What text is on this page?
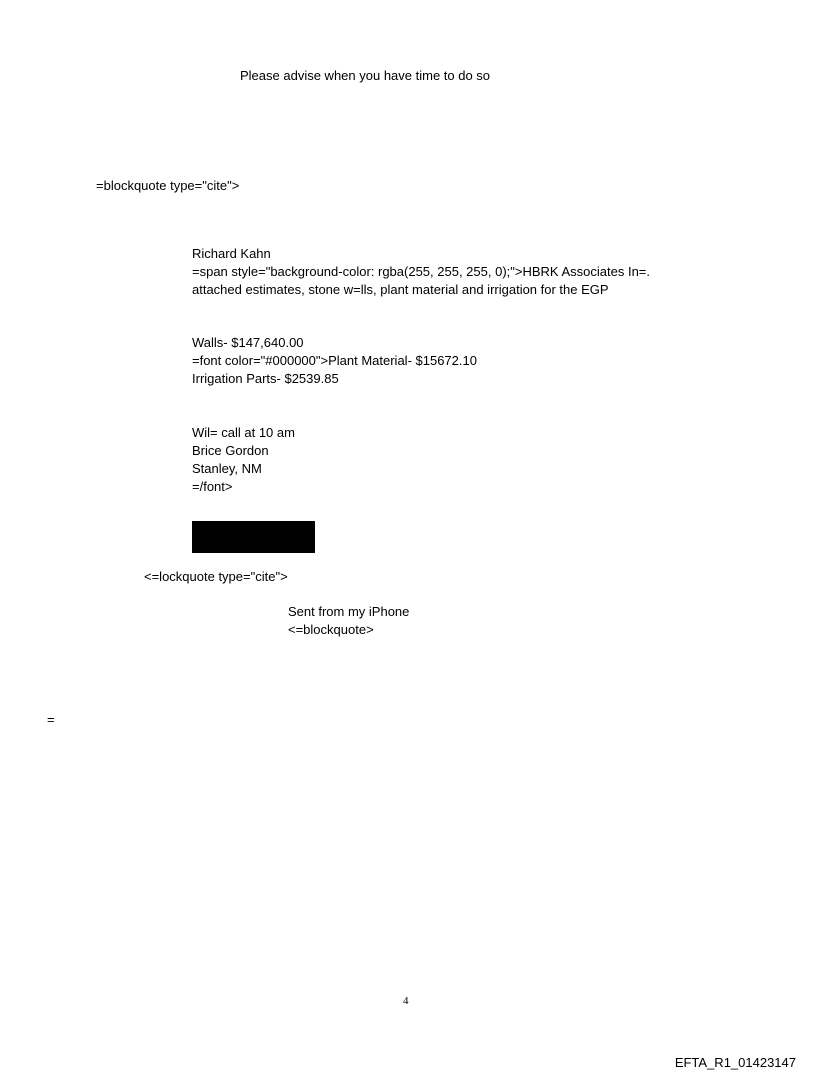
Please advise when you have time to do so
=blockquote type="cite">
Richard Kahn
=span style="background-color: rgba(255, 255, 255, 0);">HBRK Associates In=.
attached estimates, stone w=lls, plant material and irrigation for the EGP
Walls- $147,640.00
=font color="#000000">Plant Material- $15672.10
Irrigation Parts- $2539.85
Wil= call at 10 am
Brice Gordon
Stanley, NM
=/font>
<=lockquote type="cite">
Sent from my iPhone
<=blockquote>
=
4
EFTA_R1_01423147
